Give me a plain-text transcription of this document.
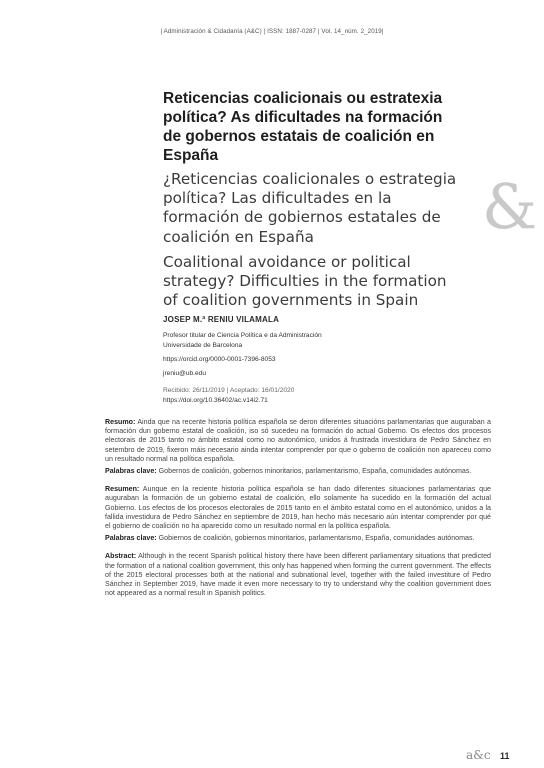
| Administración & Cidadanía (A&C) | ISSN: 1887-0287 | Vol. 14_núm. 2_2019|
Reticencias coalicionais ou estratexia política? As dificultades na formación de gobernos estatais de coalición en España
¿Reticencias coalicionales o estrategia política? Las dificultades en la formación de gobiernos estatales de coalición en España
Coalitional avoidance or political strategy? Difficulties in the formation of coalition governments in Spain
&

JOSEP M.ª RENIU VILAMALA

Profesor titular de Ciencia Política e da Administración

Universidade de Barcelona

https://orcid.org/0000-0001-7396-8053

jreniu@ub.edu

Recibido: 26/11/2019 | Aceptado: 16/01/2020

https://doi.org/10.36402/ac.v14i2.71

Resumo: Ainda que na recente historia política española se deron diferentes situacións parlamentarias que auguraban a formación dun goberno estatal de coalición, iso só sucedeu na formación do actual Goberno. Os efectos dos procesos electorais de 2015 tanto no ámbito estatal como no autonómico, unidos á frustrada investidura de Pedro Sánchez en setembro de 2019, fixeron máis necesario ainda intentar comprender por que o goberno de coalición non apareceu como un resultado normal na política española.

Palabras clave: Gobernos de coalición, gobernos minoritarios, parlamentarismo, España, comunidades autónomas.

Resumen: Aunque en la reciente historia política española se han dado diferentes situaciones parlamentarias que auguraban la formación de un gobierno estatal de coalición, ello solamente ha sucedido en la formación del actual Gobierno. Los efectos de los procesos electorales de 2015 tanto en el ámbito estatal como en el autonómico, unidos a la fallida investidura de Pedro Sánchez en septiembre de 2019, han hecho más necesario aún intentar comprender por qué el gobierno de coalición no ha aparecido como un resultado normal en la política española.

Palabras clave: Gobiernos de coalición, gobiernos minoritarios, parlamentarismo, España, comunidades autónomas.

Abstract: Although in the recent Spanish political history there have been different parliamentary situations that predicted the formation of a national coalition government, this only has happened when forming the current government. The effects of the 2015 electoral processes both at the national and subnational level, together with the failed investiture of Pedro Sánchez in September 2019, have made it even more necessary to try to understand why the coalition government does not appeared as a normal result in Spanish politics.

a&c 11
